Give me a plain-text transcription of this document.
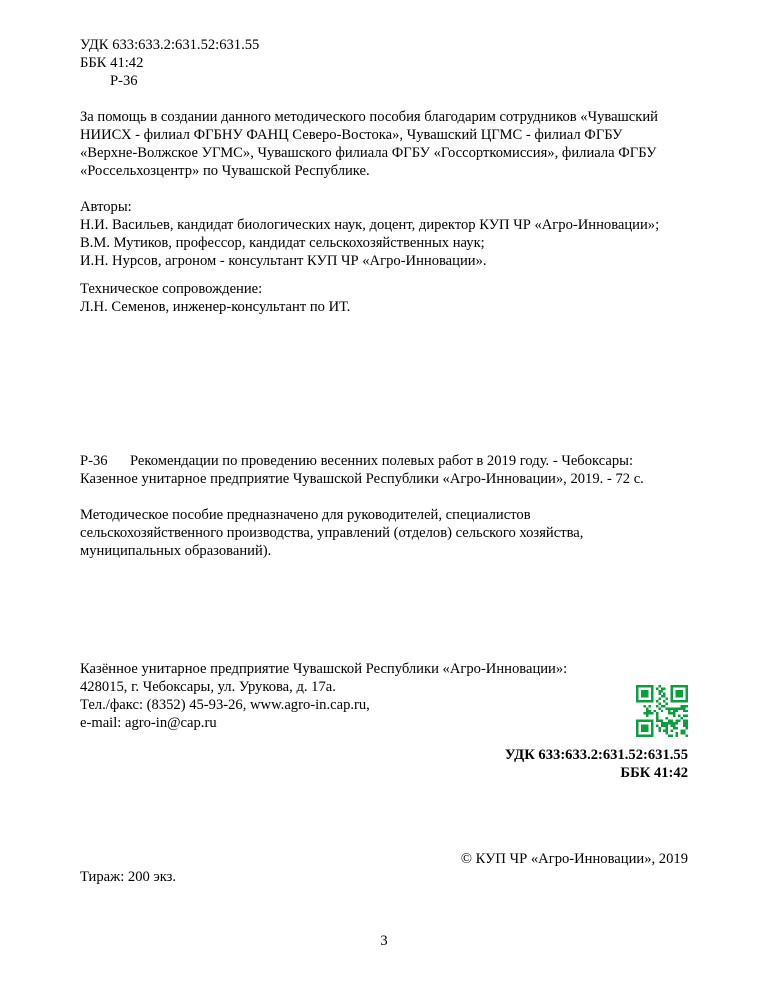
УДК 633:633.2:631.52:631.55
ББК 41:42
Р-36
За помощь в создании данного методического пособия благодарим сотрудников «Чувашский
НИИСХ - филиал ФГБНУ ФАНЦ Северо-Востока», Чувашский ЦГМС - филиал ФГБУ
«Верхне-Волжское УГМС», Чувашского филиала ФГБУ «Госсорткомиссия», филиала ФГБУ
«Россельхозцентр» по Чувашской Республике.
Авторы:
Н.И. Васильев, кандидат биологических наук, доцент, директор КУП ЧР «Агро-Инновации»;
В.М. Мутиков, профессор, кандидат сельскохозяйственных наук;
И.Н. Нурсов, агроном - консультант КУП ЧР «Агро-Инновации».
Техническое сопровождение:
Л.Н. Семенов, инженер-консультант по ИТ.
Р-36 Рекомендации по проведению весенних полевых работ в 2019 году. - Чебоксары:
Казенное унитарное предприятие Чувашской Республики «Агро-Инновации», 2019. - 72 с.
Методическое пособие предназначено для руководителей, специалистов
сельскохозяйственного производства, управлений (отделов) сельского хозяйства,
муниципальных образований).
Казённое унитарное предприятие Чувашской Республики «Агро-Инновации»:
428015, г. Чебоксары, ул. Урукова, д. 17а.
Тел./факс: (8352) 45-93-26, www.agro-in.cap.ru,
e-mail: agro-in@cap.ru
УДК 633:633.2:631.52:631.55
ББК 41:42
© КУП ЧР «Агро-Инновации», 2019
Тираж: 200 экз.
3
